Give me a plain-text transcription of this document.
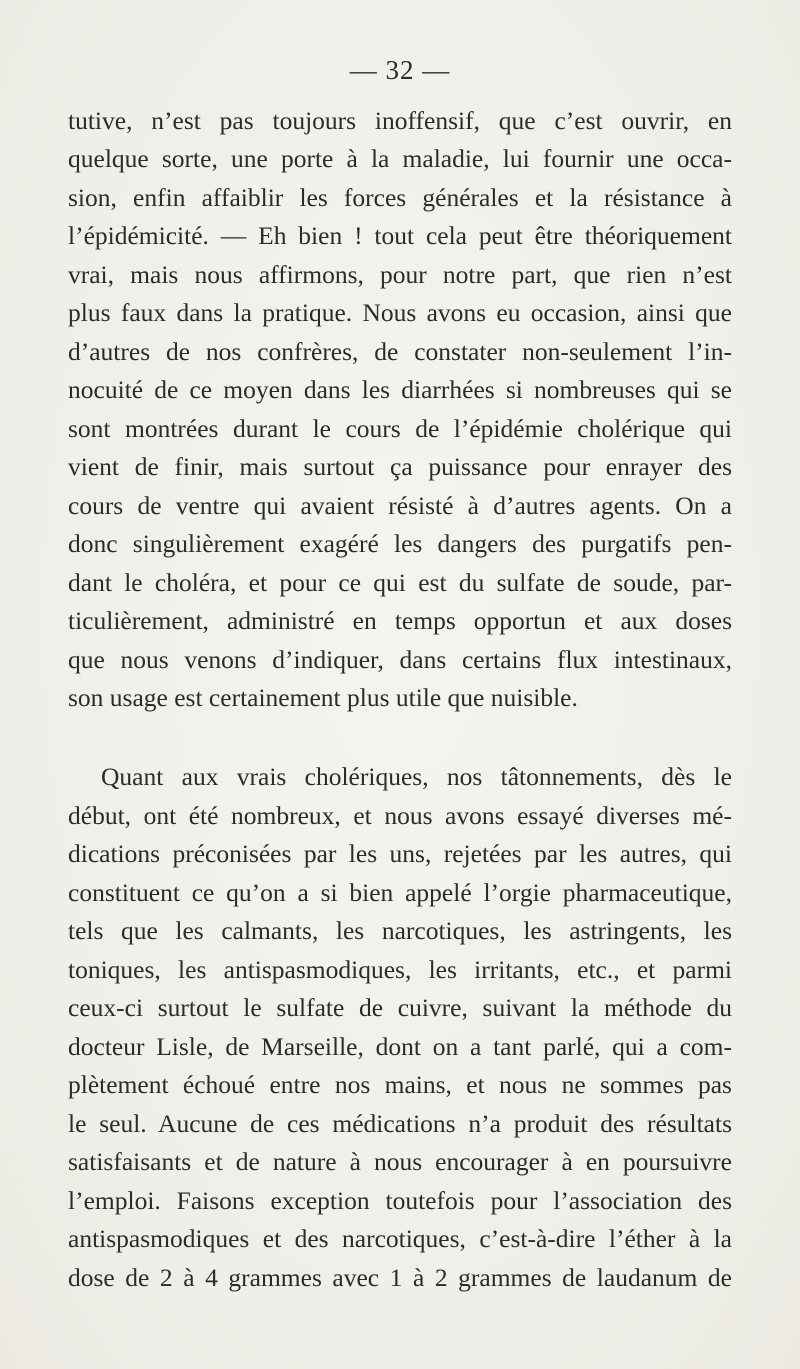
— 32 —
tutive, n’est pas toujours inoffensif, que c’est ouvrir, en
quelque sorte, une porte à la maladie, lui fournir une occa-
sion, enfin affaiblir les forces générales et la résistance à
l’épidémicité. — Eh bien ! tout cela peut être théoriquement
vrai, mais nous affirmons, pour notre part, que rien n’est
plus faux dans la pratique. Nous avons eu occasion, ainsi que
d’autres de nos confrères, de constater non-seulement l’in-
nocuité de ce moyen dans les diarrhées si nombreuses qui se
sont montrées durant le cours de l’épidémie cholérique qui
vient de finir, mais surtout ça puissance pour enrayer des
cours de ventre qui avaient résisté à d’autres agents. On a
donc singulièrement exagéré les dangers des purgatifs pen-
dant le choléra, et pour ce qui est du sulfate de soude, par-
ticulièrement, administré en temps opportun et aux doses
que nous venons d’indiquer, dans certains flux intestinaux,
son usage est certainement plus utile que nuisible.
Quant aux vrais cholériques, nos tâtonnements, dès le
début, ont été nombreux, et nous avons essayé diverses mé-
dications préconisées par les uns, rejetées par les autres, qui
constituent ce qu’on a si bien appelé l’orgie pharmaceutique,
tels que les calmants, les narcotiques, les astringents, les
toniques, les antispasmodiques, les irritants, etc., et parmi
ceux-ci surtout le sulfate de cuivre, suivant la méthode du
docteur Lisle, de Marseille, dont on a tant parlé, qui a com-
plètement échoué entre nos mains, et nous ne sommes pas
le seul. Aucune de ces médications n’a produit des résultats
satisfaisants et de nature à nous encourager à en poursuivre
l’emploi. Faisons exception toutefois pour l’association des
antispasmodiques et des narcotiques, c’est-à-dire l’éther à la
dose de 2 à 4 grammes avec 1 à 2 grammes de laudanum de
